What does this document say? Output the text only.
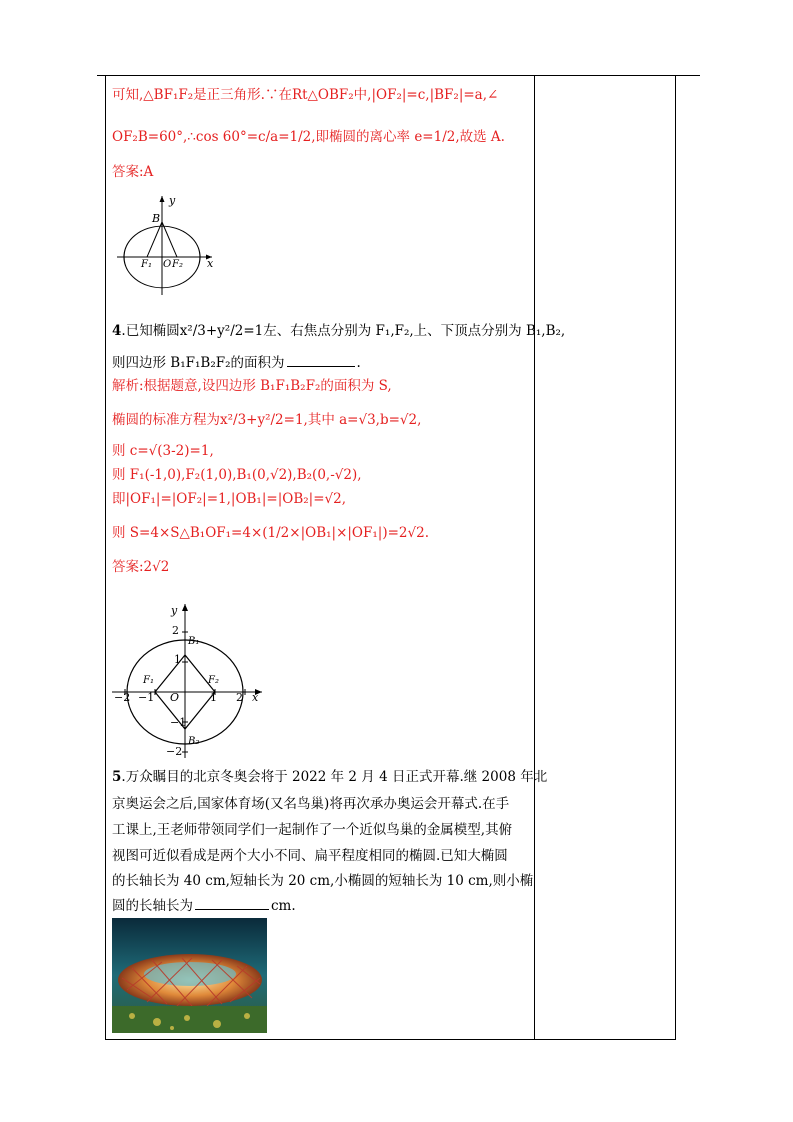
可知,△BF₁F₂是正三角形.∵在Rt△OBF₂中,|OF₂|=c,|BF₂|=a,∠
OF₂B=60°,∴cos 60°=c/a=1/2,即椭圆的离心率 e=1/2,故选 A.
答案:A
y
B
F₁ O F₂ x
4.已知椭圆x²/3+y²/2=1左、右焦点分别为 F₁,F₂,上、下顶点分别为 B₁,B₂,
则四边形 B₁F₁B₂F₂的面积为	.
解析:根据题意,设四边形 B₁F₁B₂F₂的面积为 S,
椭圆的标准方程为x²/3+y²/2=1,其中 a=√3,b=√2,
则 c=√(3-2)=1,
则 F₁(-1,0),F₂(1,0),B₁(0,√2),B₂(0,-√2),
即|OF₁|=|OF₂|=1,|OB₁|=|OB₂|=√2,
则 S=4×S△B₁OF₁=4×(1/2×|OB₁|×|OF₁|)=2√2.
答案:2√2
y
2
B₁
1
F₁	F₂
−2 −1 O	1 2 x
−1
B₂
−2
5.万众瞩目的北京冬奥会将于 2022 年 2 月 4 日正式开幕.继 2008 年北
京奥运会之后,国家体育场(又名鸟巢)将再次承办奥运会开幕式.在手
工课上,王老师带领同学们一起制作了一个近似鸟巢的金属模型,其俯
视图可近似看成是两个大小不同、扁平程度相同的椭圆.已知大椭圆
的长轴长为 40 cm,短轴长为 20 cm,小椭圆的短轴长为 10 cm,则小椭
圆的长轴长为	cm.
